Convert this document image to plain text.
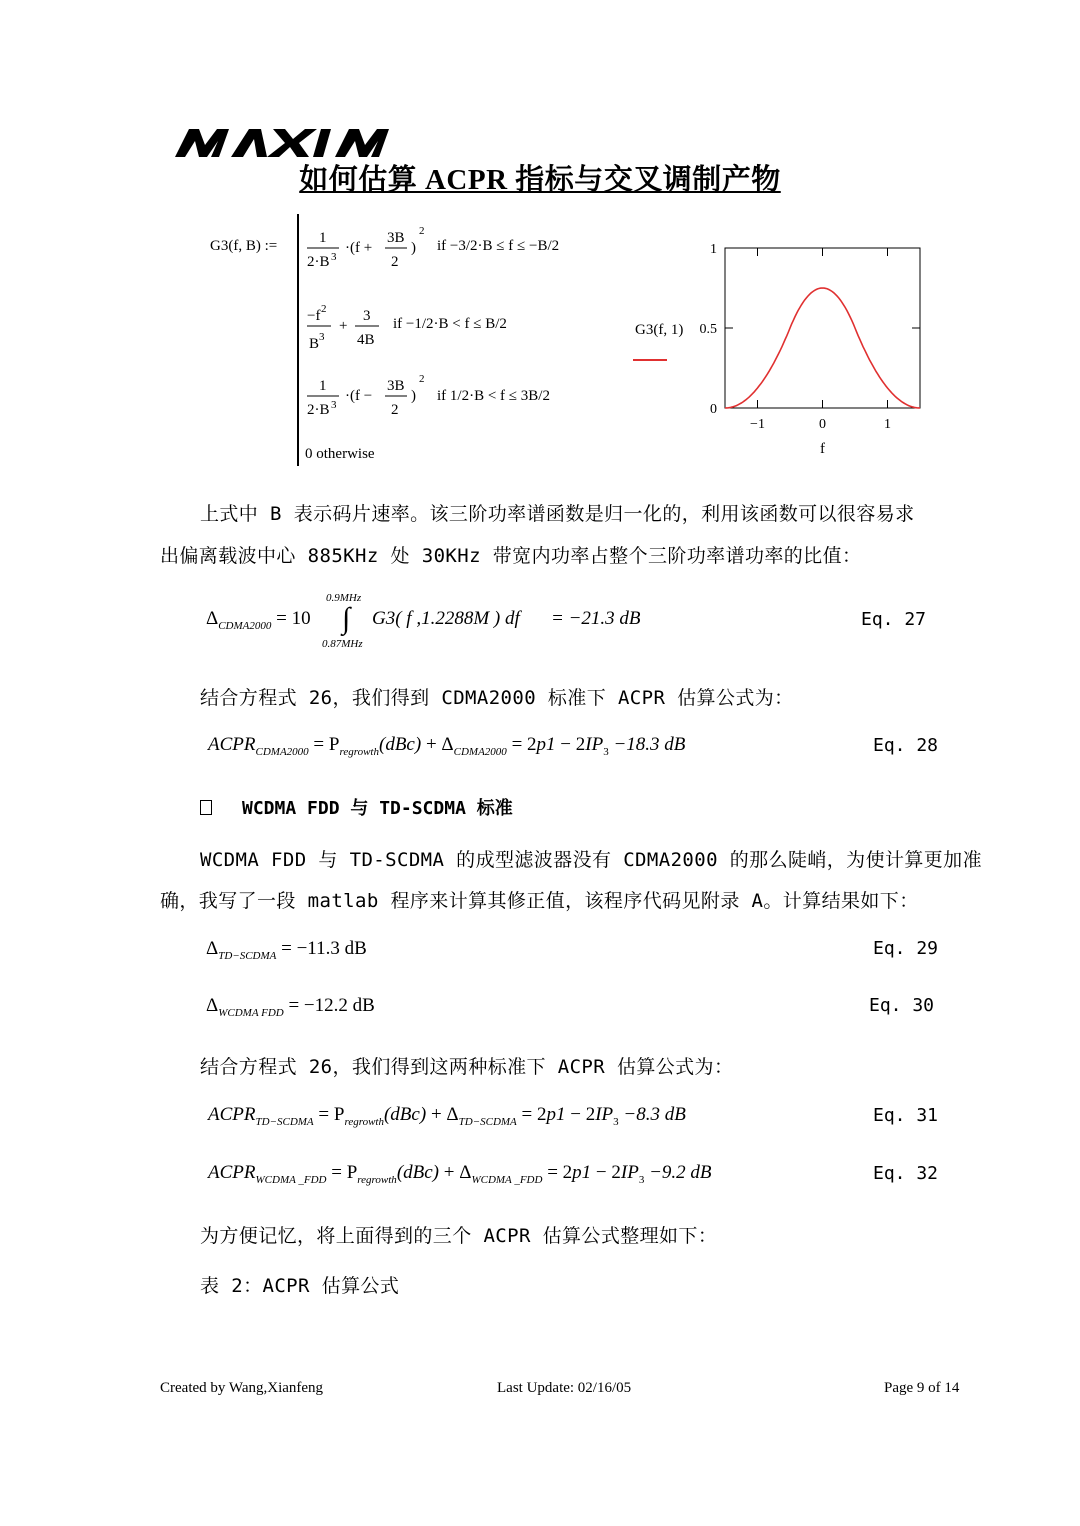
如何估算 ACPR 指标与交叉调制产物
G3(f, B) :=	1
2·B 3
·(f +
3B
2
)
2
if −3/2·B ≤ f ≤ −B/2
−f 2
B 3
+
3
4B
if −1/2·B < f ≤ B/2
1
2·B 3
·(f −
3B
2
)
2
if 1/2·B < f ≤ 3B/2
0 otherwise
G3(f, 1)
1
0.5
0
−1	0	1
f
上式中 B 表示码片速率。该三阶功率谱函数是归一化的，利用该函数可以很容易求
出偏离载波中心 885KHz 处 30KHz 带宽内功率占整个三阶功率谱功率的比值：
$\Delta_{CDMA2000} = 10$
0.9MHz
∫
0.87MHz
G3( f ,1.2288M ) df = −21.3 dB	Eq. 27
结合方程式 26，我们得到 CDMA2000 标准下 ACPR 估算公式为：
$ACPR_{CDMA2000} = P_{regrowth}(dBc) + \Delta_{CDMA2000} = 2p1 - 2IP_3 -18.3$ dB	Eq. 28
WCDMA FDD 与 TD-SCDMA 标准
WCDMA FDD 与 TD-SCDMA 的成型滤波器没有 CDMA2000 的那么陡峭，为使计算更加准
确，我写了一段 matlab 程序来计算其修正值，该程序代码见附录 A。计算结果如下：
$\Delta_{TD-SCDMA} = -11.3$ dB	Eq. 29
$\Delta_{WCDMA FDD} = -12.2$ dB	Eq. 30
结合方程式 26，我们得到这两种标准下 ACPR 估算公式为：
$ACPR_{TD-SCDMA} = P_{regrowth}(dBc) + \Delta_{TD-SCDMA} = 2p1 - 2IP_3 -8.3$ dB	Eq. 31
$ACPR_{WCDMA \_FDD} = P_{regrowth}(dBc) + \Delta_{WCDMA \_FDD} = 2p1 - 2IP_3 -9.2$ dB	Eq. 32
为方便记忆，将上面得到的三个 ACPR 估算公式整理如下：
表 2：ACPR 估算公式
Created by Wang,Xianfeng	Last Update: 02/16/05	Page 9 of 14
